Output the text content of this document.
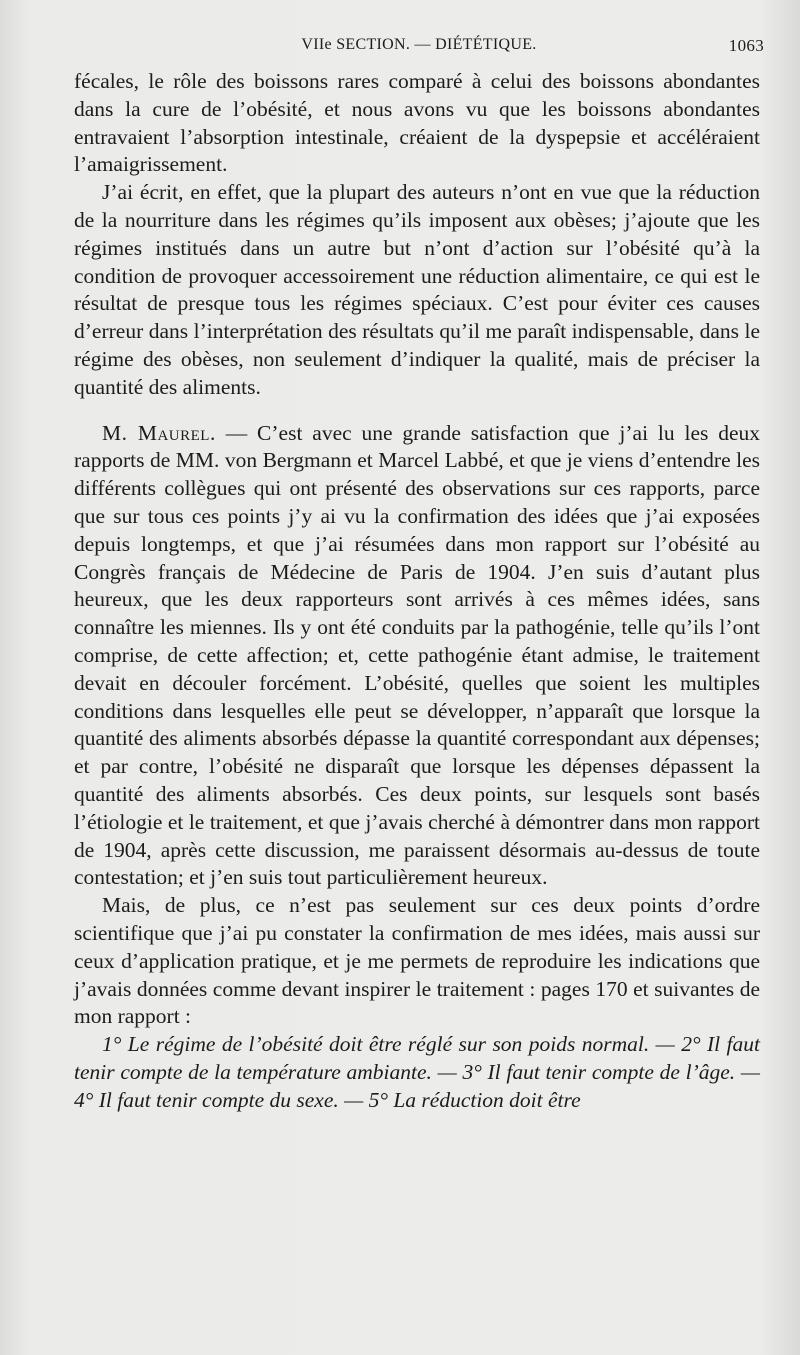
VIIe SECTION. — DIÉTÉTIQUE.	1063

fécales, le rôle des boissons rares comparé à celui des boissons abondantes dans la cure de l’obésité, et nous avons vu que les boissons abondantes entravaient l’absorption intestinale, créaient de la dyspepsie et accéléraient l’amaigrissement.

J’ai écrit, en effet, que la plupart des auteurs n’ont en vue que la réduction de la nourriture dans les régimes qu’ils imposent aux obèses; j’ajoute que les régimes institués dans un autre but n’ont d’action sur l’obésité qu’à la condition de provoquer accessoirement une réduction alimentaire, ce qui est le résultat de presque tous les régimes spéciaux. C’est pour éviter ces causes d’erreur dans l’interprétation des résultats qu’il me paraît indispensable, dans le régime des obèses, non seulement d’indiquer la qualité, mais de préciser la quantité des aliments.

M. Maurel. — C’est avec une grande satisfaction que j’ai lu les deux rapports de MM. von Bergmann et Marcel Labbé, et que je viens d’entendre les différents collègues qui ont présenté des observations sur ces rapports, parce que sur tous ces points j’y ai vu la confirmation des idées que j’ai exposées depuis longtemps, et que j’ai résumées dans mon rapport sur l’obésité au Congrès français de Médecine de Paris de 1904. J’en suis d’autant plus heureux, que les deux rapporteurs sont arrivés à ces mêmes idées, sans connaître les miennes. Ils y ont été conduits par la pathogénie, telle qu’ils l’ont comprise, de cette affection; et, cette pathogénie étant admise, le traitement devait en découler forcément. L’obésité, quelles que soient les multiples conditions dans lesquelles elle peut se développer, n’apparaît que lorsque la quantité des aliments absorbés dépasse la quantité correspondant aux dépenses; et par contre, l’obésité ne disparaît que lorsque les dépenses dépassent la quantité des aliments absorbés. Ces deux points, sur lesquels sont basés l’étiologie et le traitement, et que j’avais cherché à démontrer dans mon rapport de 1904, après cette discussion, me paraissent désormais au-dessus de toute contestation; et j’en suis tout particulièrement heureux.

Mais, de plus, ce n’est pas seulement sur ces deux points d’ordre scientifique que j’ai pu constater la confirmation de mes idées, mais aussi sur ceux d’application pratique, et je me permets de reproduire les indications que j’avais données comme devant inspirer le traitement : pages 170 et suivantes de mon rapport :

1° Le régime de l’obésité doit être réglé sur son poids normal. — 2° Il faut tenir compte de la température ambiante. — 3° Il faut tenir compte de l’âge. — 4° Il faut tenir compte du sexe. — 5° La réduction doit être
